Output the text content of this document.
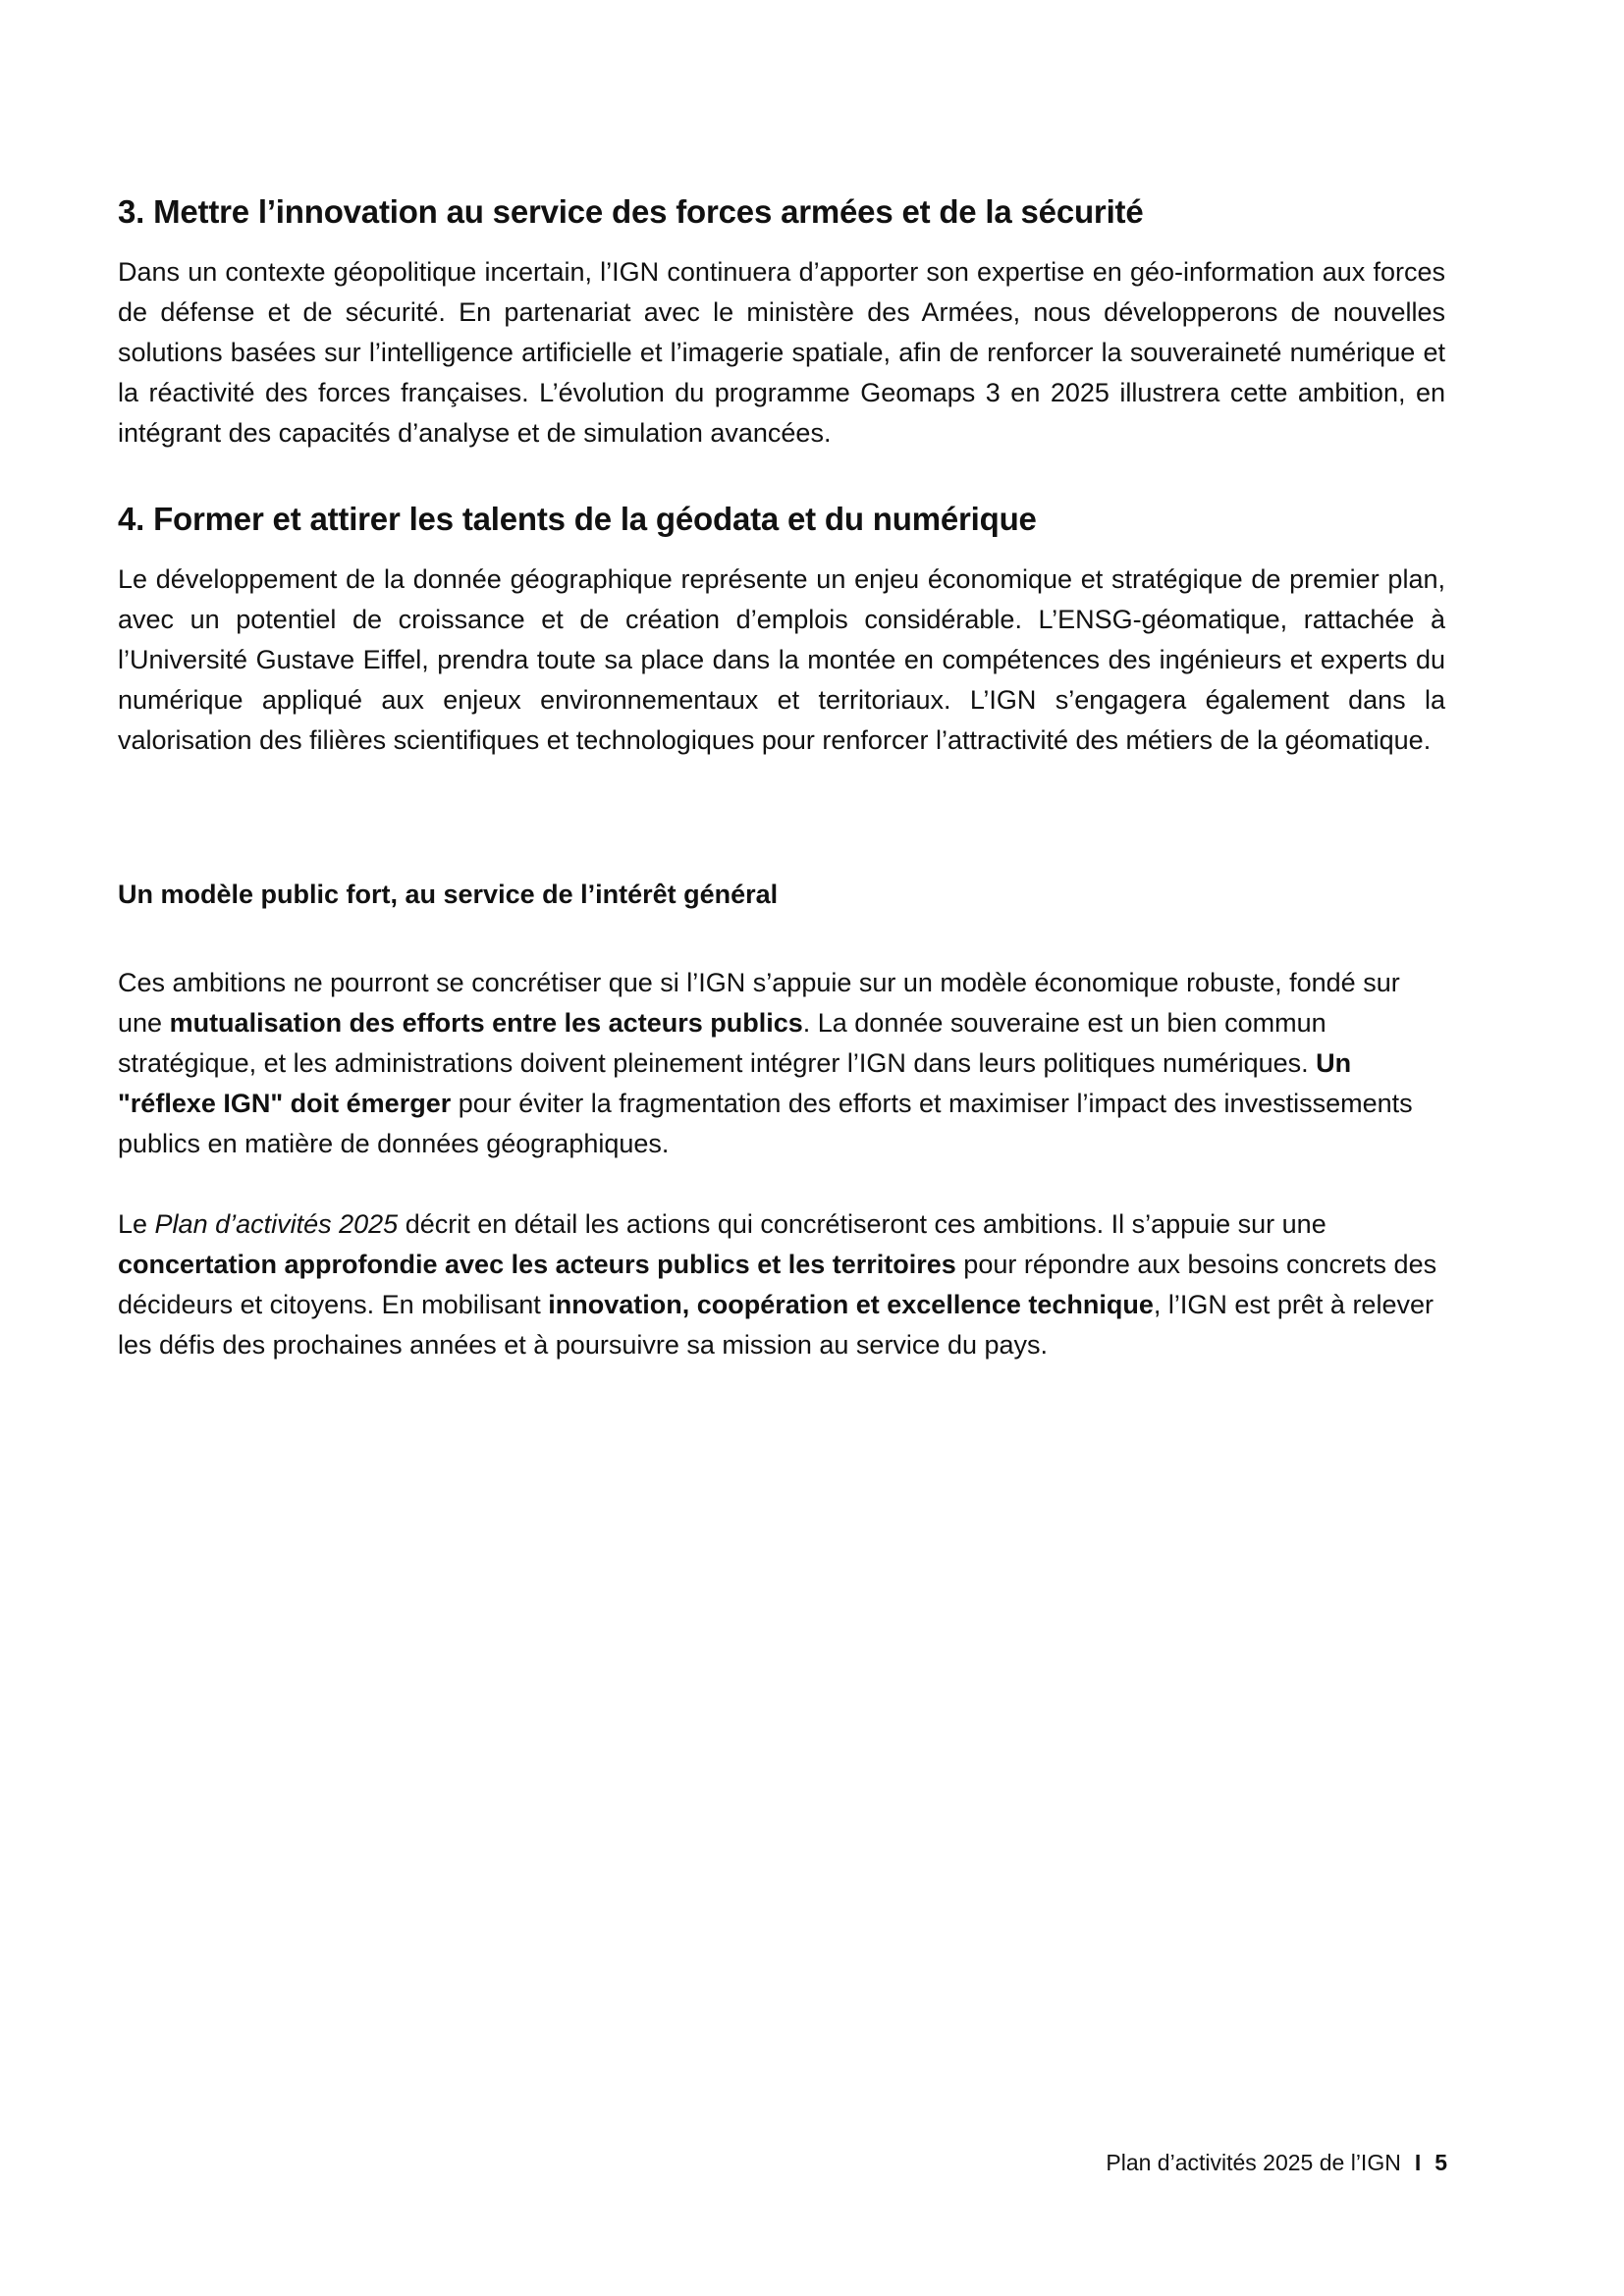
3. Mettre l’innovation au service des forces armées et de la sécurité

Dans un contexte géopolitique incertain, l’IGN continuera d’apporter son expertise en géo-information aux forces de défense et de sécurité. En partenariat avec le ministère des Armées, nous développerons de nouvelles solutions basées sur l’intelligence artificielle et l’imagerie spatiale, afin de renforcer la souveraineté numérique et la réactivité des forces françaises. L’évolution du programme Geomaps 3 en 2025 illustrera cette ambition, en intégrant des capacités d’analyse et de simulation avancées.

4. Former et attirer les talents de la géodata et du numérique

Le développement de la donnée géographique représente un enjeu économique et stratégique de premier plan, avec un potentiel de croissance et de création d’emplois considérable. L’ENSG-géomatique, rattachée à l’Université Gustave Eiffel, prendra toute sa place dans la montée en compétences des ingénieurs et experts du numérique appliqué aux enjeux environnementaux et territoriaux. L’IGN s’engagera également dans la valorisation des filières scientifiques et technologiques pour renforcer l’attractivité des métiers de la géomatique.

Un modèle public fort, au service de l’intérêt général

Ces ambitions ne pourront se concrétiser que si l’IGN s’appuie sur un modèle économique robuste, fondé sur une mutualisation des efforts entre les acteurs publics. La donnée souveraine est un bien commun stratégique, et les administrations doivent pleinement intégrer l’IGN dans leurs politiques numériques. Un "réflexe IGN" doit émerger pour éviter la fragmentation des efforts et maximiser l’impact des investissements publics en matière de données géographiques.

Le Plan d’activités 2025 décrit en détail les actions qui concrétiseront ces ambitions. Il s’appuie sur une concertation approfondie avec les acteurs publics et les territoires pour répondre aux besoins concrets des décideurs et citoyens. En mobilisant innovation, coopération et excellence technique, l’IGN est prêt à relever les défis des prochaines années et à poursuivre sa mission au service du pays.

Plan d’activités 2025 de l’IGN I 5
